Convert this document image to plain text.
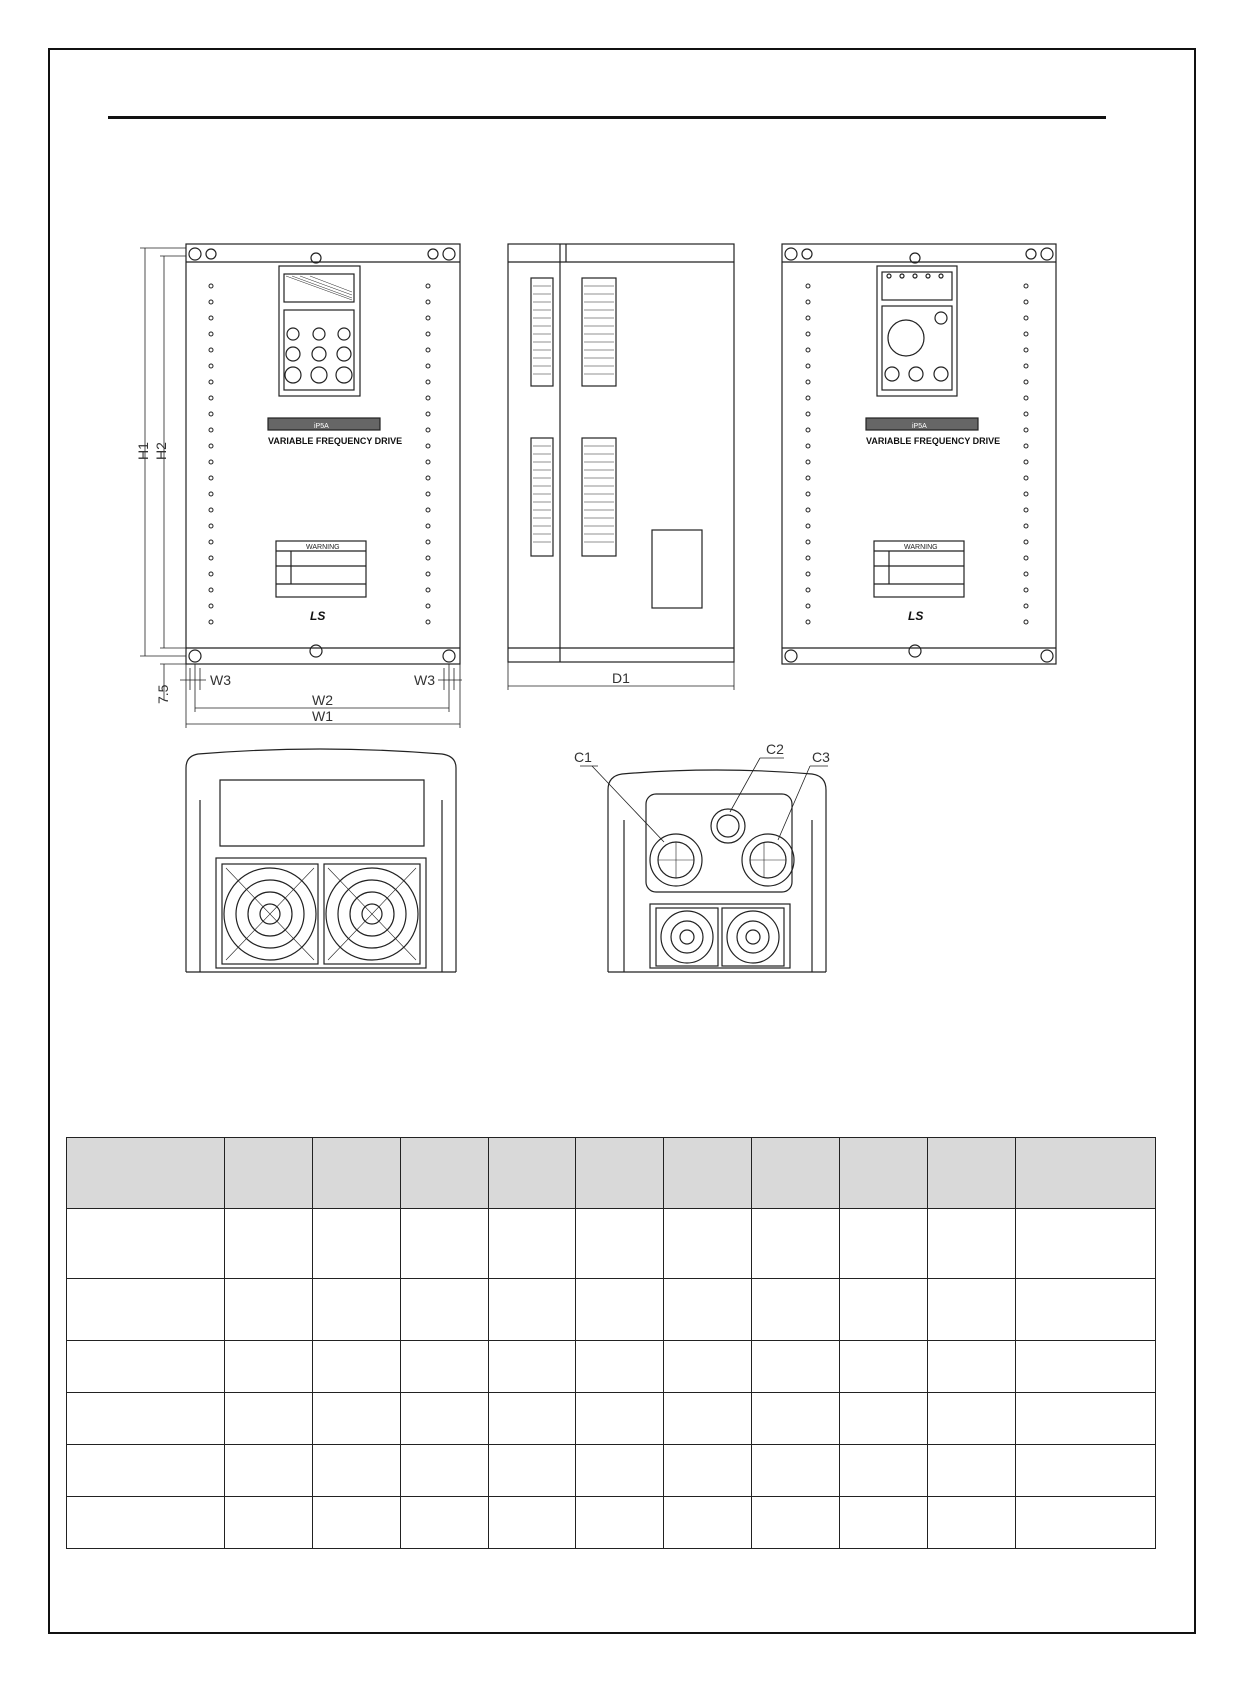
H1 H2
7.5
W3	W3
W2
W1
D1
C1	C2 C3
iP5A
VARIABLE FREQUENCY DRIVE
WARNING
LS
iP5A
VARIABLE FREQUENCY DRIVE
WARNING
LS
